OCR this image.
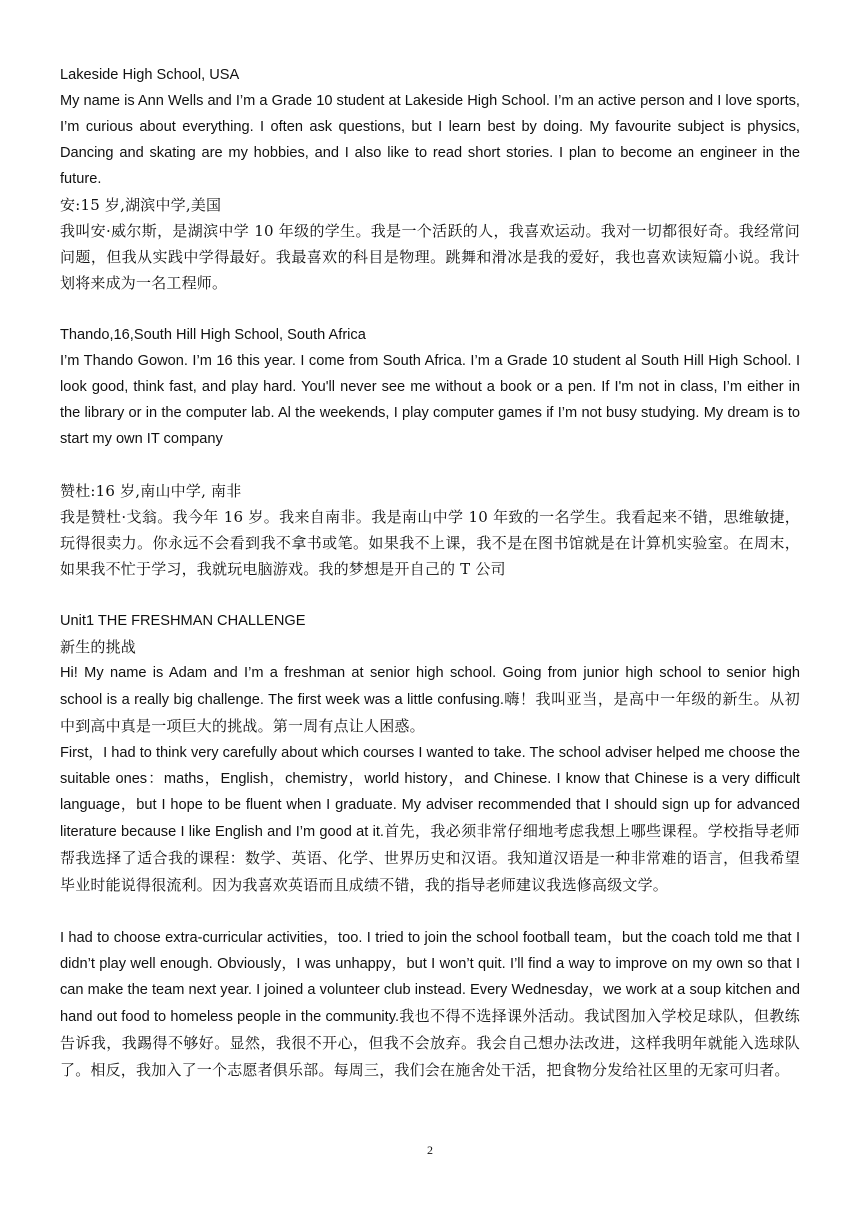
Lakeside High School, USA
My name is Ann Wells and I’m a Grade 10 student at Lakeside High School. I’m an active person and I love sports, I’m curious about everything. I often ask questions, but I learn best by doing. My favourite subject is physics, Dancing and skating are my hobbies, and I also like to read short stories. I plan to become an engineer in the future.
安:15 岁,湖滨中学,美国
我叫安·威尔斯，是湖滨中学 10 年级的学生。我是一个活跃的人，我喜欢运动。我对一切都很好奇。我经常问问题，但我从实践中学得最好。我最喜欢的科目是物理。跳舞和滑冰是我的爱好，我也喜欢读短篇小说。我计划将来成为一名工程师。
Thando,16,South Hill High School, South Africa
I’m Thando Gowon. I’m 16 this year. I come from South Africa. I’m a Grade 10 student al South Hill High School. I look good, think fast, and play hard. You'll never see me without a book or a pen. If I'm not in class, I’m either in the library or in the computer lab. Al the weekends, I play computer games if I’m not busy studying. My dream is to start my own IT company
赞杜:16 岁,南山中学, 南非
我是赞杜·戈翁。我今年 16 岁。我来自南非。我是南山中学 10 年致的一名学生。我看起来不错，思维敏捷，玩得很卖力。你永远不会看到我不拿书或笔。如果我不上课，我不是在图书馆就是在计算机实验室。在周末，如果我不忙于学习，我就玩电脑游戏。我的梦想是开自己的 T 公司
Unit1 THE FRESHMAN CHALLENGE
新生的挑战
Hi! My name is Adam and I’m a freshman at senior high school. Going from junior high school to senior high school is a really big challenge. The first week was a little confusing.嗨！我叫亚当，是高中一年级的新生。从初中到高中真是一项巨大的挑战。第一周有点让人困惑。
First，I had to think very carefully about which courses I wanted to take. The school adviser helped me choose the suitable ones：maths，English，chemistry，world history，and Chinese. I know that Chinese is a very difficult language，but I hope to be fluent when I graduate. My adviser recommended that I should sign up for advanced literature because I like English and I’m good at it.首先，我必须非常仔细地考虑我想上哪些课程。学校指导老师帮我选择了适合我的课程：数学、英语、化学、世界历史和汉语。我知道汉语是一种非常难的语言，但我希望毕业时能说得很流利。因为我喜欢英语而且成绩不错，我的指导老师建议我选修高级文学。
I had to choose extra-curricular activities，too. I tried to join the school football team，but the coach told me that I didn’t play well enough. Obviously，I was unhappy，but I won’t quit. I’ll find a way to improve on my own so that I can make the team next year. I joined a volunteer club instead. Every Wednesday，we work at a soup kitchen and hand out food to homeless people in the community.我也不得不选择课外活动。我试图加入学校足球队，但教练告诉我，我踢得不够好。显然，我很不开心，但我不会放弃。我会自己想办法改进，这样我明年就能入选球队了。相反，我加入了一个志愿者俱乐部。每周三，我们会在施舍处干活，把食物分发给社区里的无家可归者。
2
